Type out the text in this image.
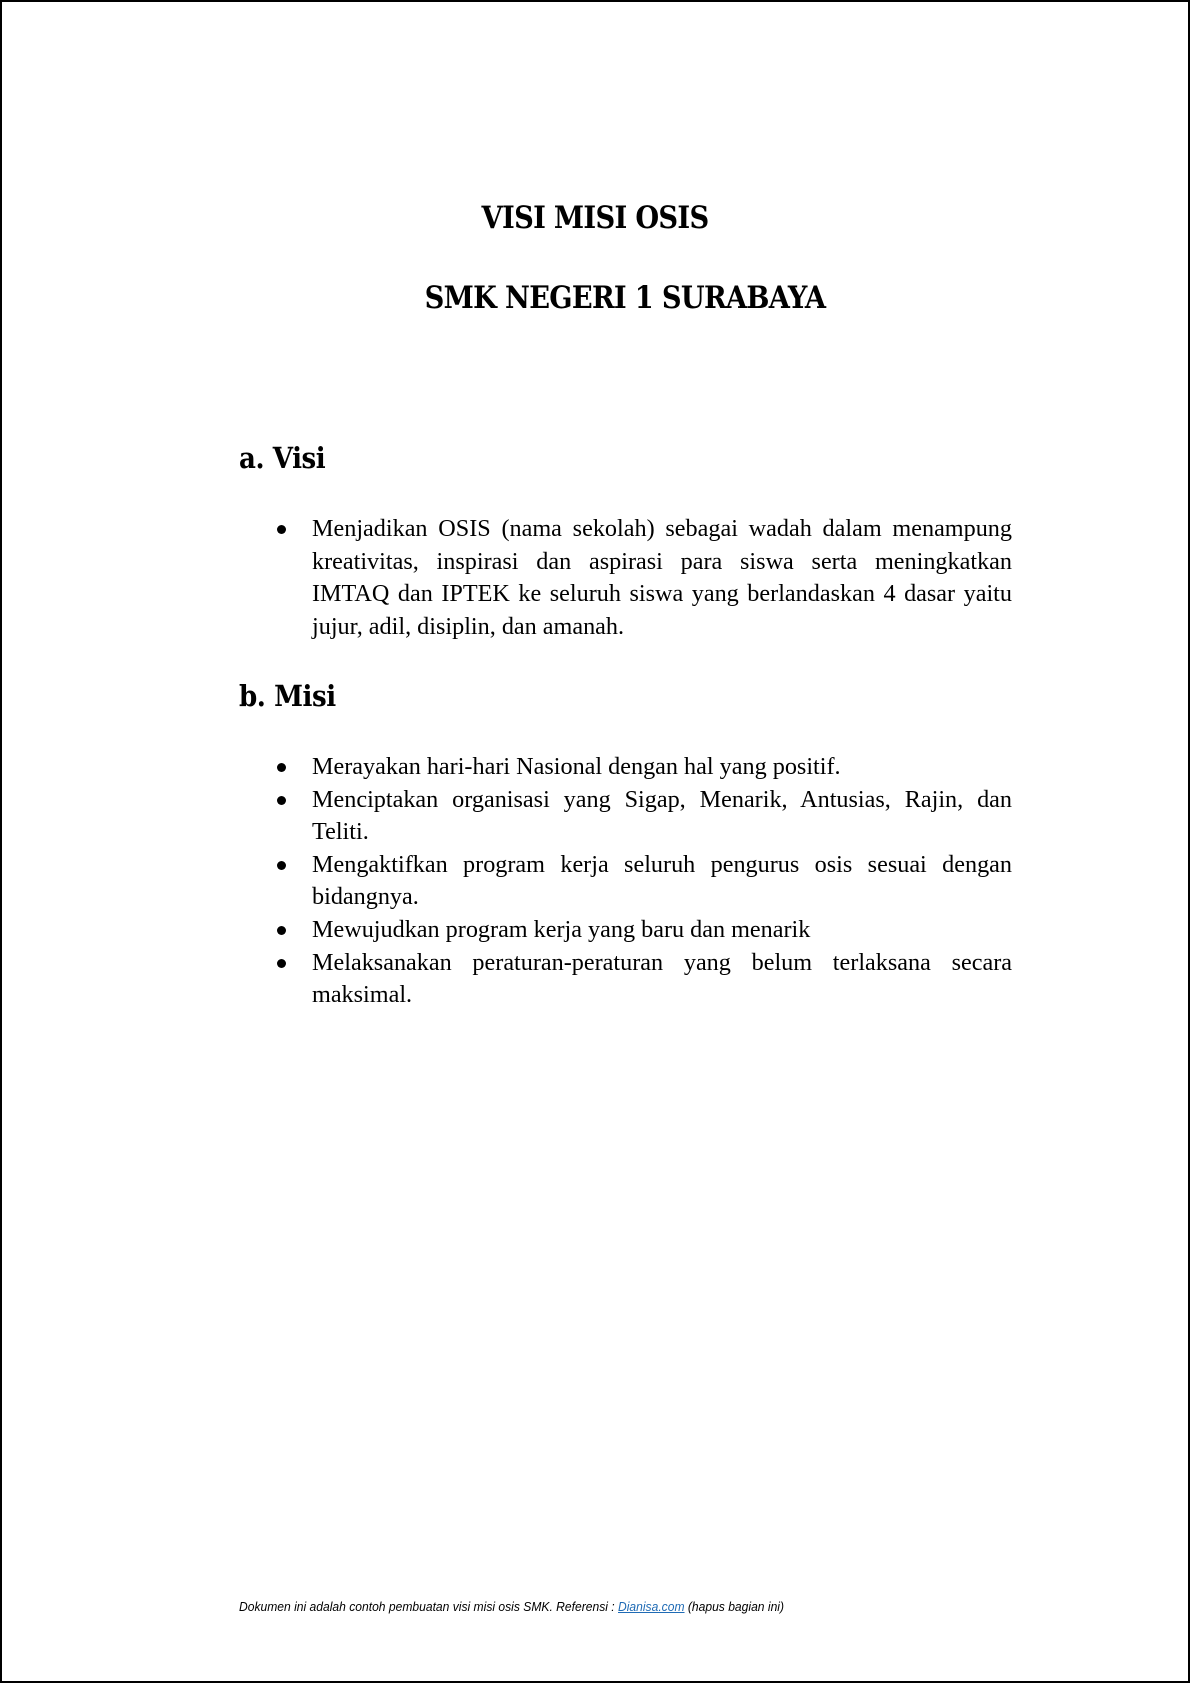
VISI MISI OSIS
SMK NEGERI 1 SURABAYA
a. Visi
Menjadikan OSIS (nama sekolah) sebagai wadah dalam menampung kreativitas, inspirasi dan aspirasi para siswa serta meningkatkan IMTAQ dan IPTEK ke seluruh siswa yang berlandaskan 4 dasar yaitu jujur, adil, disiplin, dan amanah.
b. Misi
Merayakan hari-hari Nasional dengan hal yang positif.
Menciptakan organisasi yang Sigap, Menarik, Antusias, Rajin, dan Teliti.
Mengaktifkan program kerja seluruh pengurus osis sesuai dengan bidangnya.
Mewujudkan program kerja yang baru dan menarik
Melaksanakan peraturan-peraturan yang belum terlaksana secara maksimal.

Dokumen ini adalah contoh pembuatan visi misi osis SMK. Referensi : Dianisa.com (hapus bagian ini)
